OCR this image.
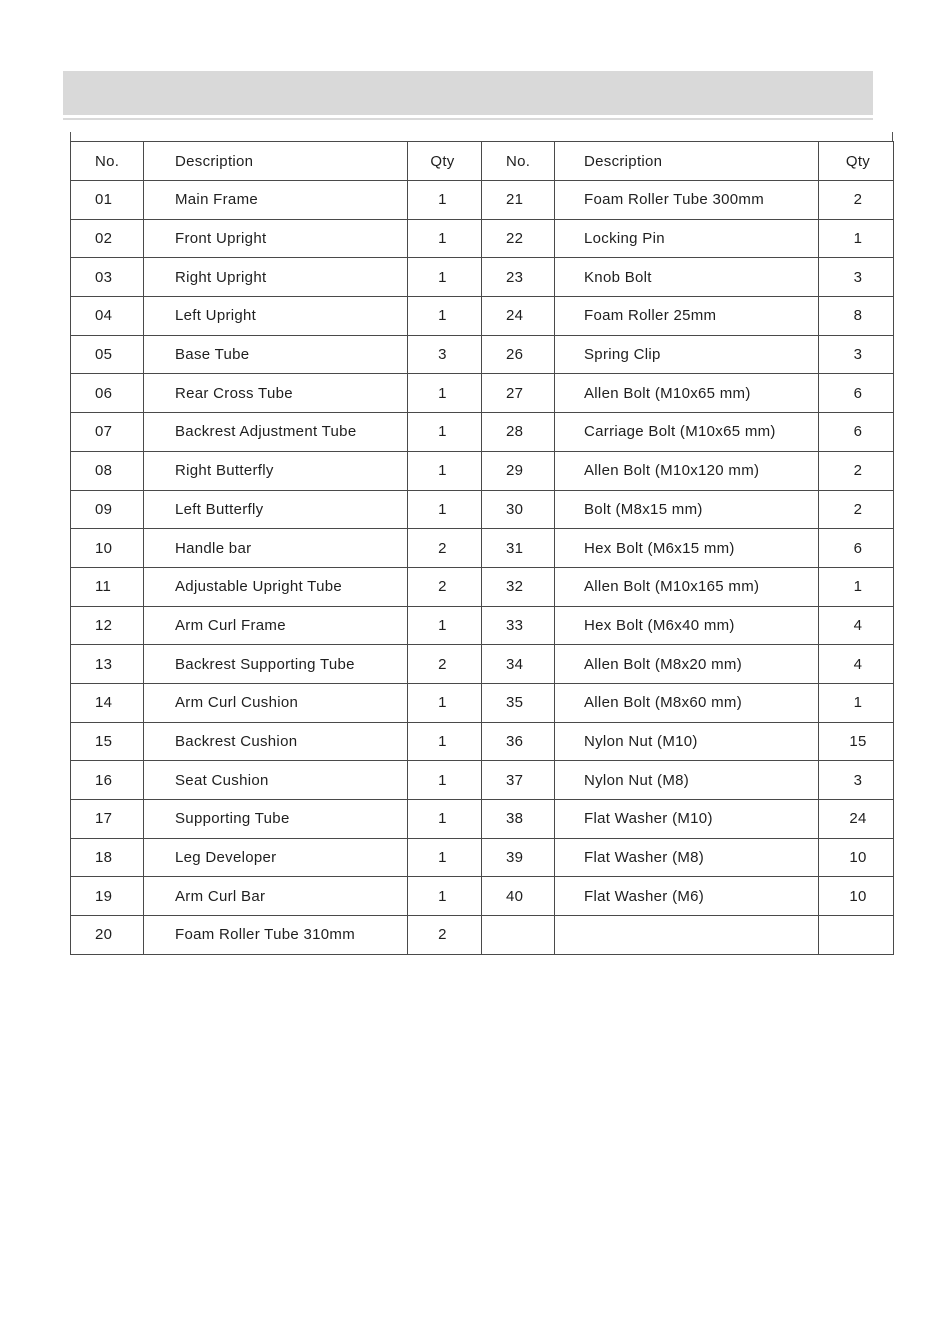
No.	Description	Qty	No.	Description	Qty
01	Main Frame	1	21	Foam Roller Tube 300mm	2
02	Front Upright	1	22	Locking Pin	1
03	Right Upright	1	23	Knob Bolt	3
04	Left Upright	1	24	Foam Roller 25mm	8
05	Base Tube	3	26	Spring Clip	3
06	Rear Cross Tube	1	27	Allen Bolt (M10x65 mm)	6
07	Backrest Adjustment Tube	1	28	Carriage Bolt (M10x65 mm)	6
08	Right Butterfly	1	29	Allen Bolt (M10x120 mm)	2
09	Left Butterfly	1	30	Bolt (M8x15 mm)	2
10	Handle bar	2	31	Hex Bolt (M6x15 mm)	6
11	Adjustable Upright Tube	2	32	Allen Bolt (M10x165 mm)	1
12	Arm Curl Frame	1	33	Hex Bolt (M6x40 mm)	4
13	Backrest Supporting Tube	2	34	Allen Bolt (M8x20 mm)	4
14	Arm Curl Cushion	1	35	Allen Bolt (M8x60 mm)	1
15	Backrest Cushion	1	36	Nylon Nut (M10)	15
16	Seat Cushion	1	37	Nylon Nut (M8)	3
17	Supporting Tube	1	38	Flat Washer (M10)	24
18	Leg Developer	1	39	Flat Washer (M8)	10
19	Arm Curl Bar	1	40	Flat Washer (M6)	10
20	Foam Roller Tube 310mm	2			
